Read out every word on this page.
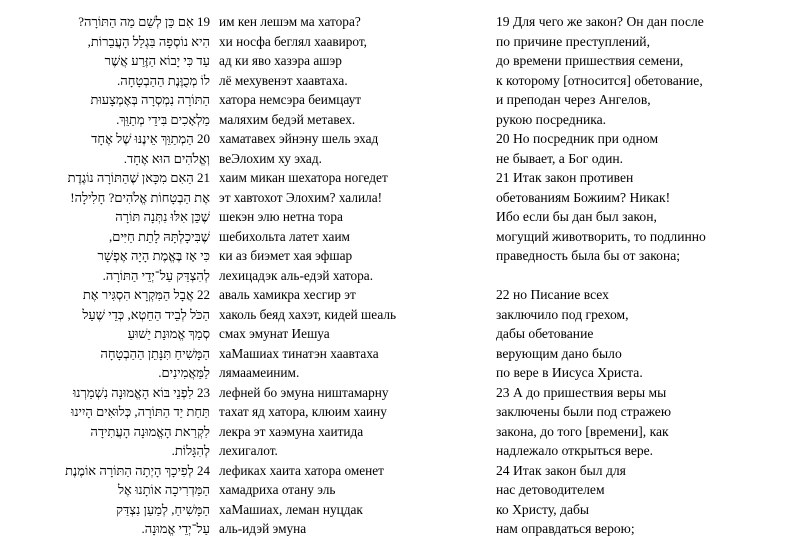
19 אִם כֵּן לְשֵׁם מַה הַתּוֹרָה?
הִיא נוֹסְפָה בִּגְלַל הָעֲבֵרוֹת,
עַד כִּי יָבוֹא הַזֶּרַע אֲשֶׁר
לוֹ מְכֻוֶּנֶת הַהַבְטָחָה.
הַתּוֹרָה נִמְסְרָה בְּאֶמְצָעוּת
מַלְאָכִים בִּידֵי מְתַוֵּךְ.
20 הַמְתַוֵּךְ אֵינֶנּוּ שֶׁל אֶחָד
וְאֱלֹהִים הוּא אֶחָד.
21 הַאִם מִכָּאן שֶׁהַתּוֹרָה נוֹגֶדֶת
אֶת הַבְטָחוֹת אֱלֹהִים? חָלִילָה!
שֶׁכֵּן אִלּוּ נִתְּנָה תּוֹרָה
שֶׁבִּיכָלְתָּהּ לָתֵת חַיִּים,
כִּי אָז בֶּאֱמֶת הָיָה אֶפְשָׁר
לְהִצְדַּק עַל־יְדֵי הַתּוֹרָה.
22 אֲבָל הַמִּקְרָא הִסְגִּיר אֶת
הַכֹּל לְבֵיד הַחֵטְא, כְּדֵי שֶׁעַל
סְמַךְ אֱמוּנַת יֵשׁוּעַ
הַמָּשִׁיחַ תִּנָּתֵן הַהַבְטָחָה
לַמַּאֲמִינִים.
23 לִפְנֵי בּוֹא הָאֱמוּנָה נִשְׁמַרְנוּ
תַּחַת יַד הַתּוֹרָה, כְּלוּאִים הָיִינוּ
לִקְרַאת הָאֱמוּנָה הָעֲתִידָה
לְהִגָּלוֹת.
24 לְפִיכָךְ הָיְתָה הַתּוֹרָה אוֹמֶנֶת
הַמַּדְרִיכָה אוֹתָנוּ אֶל
הַמָּשִׁיחַ, לְמַעַן נִצְדַּק
עַל־יְדֵי אֱמוּנָה.
им кен лешэм ма хатора?
хи носфа беглял хаавирот,
ад ки яво хазэра ашэр
лё мехувенэт хаавтаха.
хатора немсэра беимцаут
маляхим бедэй метавех.
хаматавех эйнэну шель эхад
веЭлохим ху эхад.
хаим микан шехатора ногедет
эт хавтохот Элохим? халила!
шекэн элю нетна тора
шебихольта латет хаим
ки аз биэмет хая эфшар
лехицадэк аль-едэй хатора.
аваль хамикра хесгир эт
хаколь беяд хахэт, кидей шеаль
смах эмунат Иешуа
хаМашиах тинатэн хаавтаха
лямаамеиним.
лефней бо эмуна ништамарну
тахат яд хатора, клюим хаину
лекра эт хаэмуна хаитида
лехигалот.
лефиках хаита хатора оменет
хамадриха отану эль
хаМашиах, леман нуцдак
аль-идэй эмуна
19 Для чего же закон? Он дан после
по причине преступлений,
до времени пришествия семени,
к которому [относится] обетование,
и преподан через Ангелов,
рукою посредника.
20 Но посредник при одном
не бывает, а Бог один.
21 Итак закон противен
обетованиям Божиим? Никак!
Ибо если бы дан был закон,
могущий животворить, то подлинно
праведность была бы от закона;
22 но Писание всех
заключило под грехом,
дабы обетование
верующим дано было
по вере в Иисуса Христа.
23 А до пришествия веры мы
заключены были под стражею
закона, до того [времени], как
надлежало открыться вере.
24 Итак закон был для
нас детоводителем
ко Христу, дабы
нам оправдаться верою;
